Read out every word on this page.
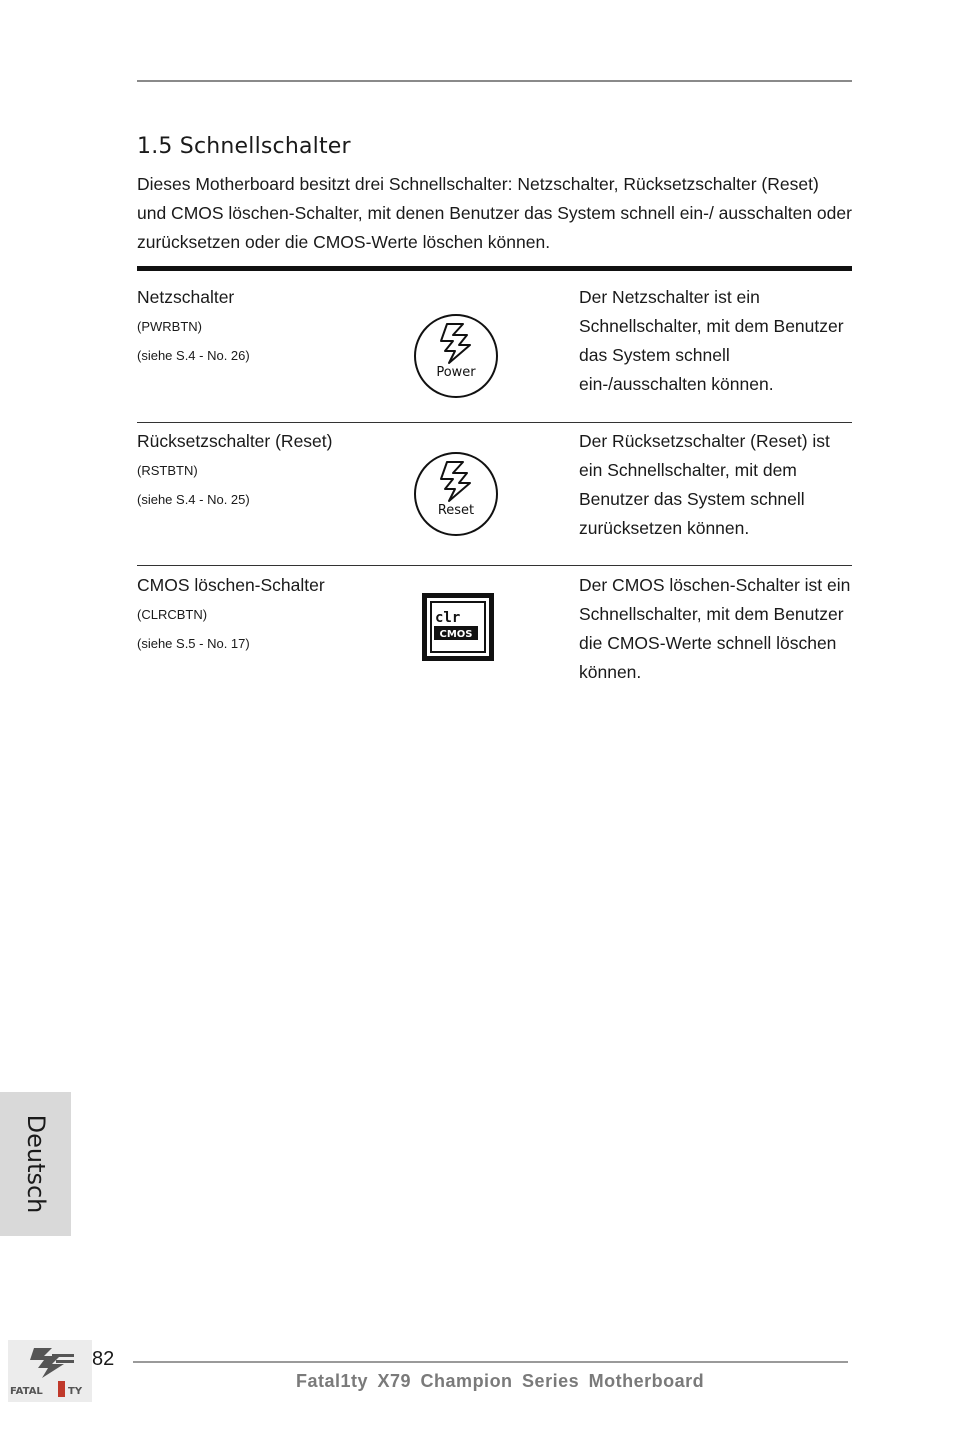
1.5 Schnellschalter
Dieses Motherboard besitzt drei Schnellschalter: Netzschalter, Rücksetzschalter (Reset) und CMOS löschen-Schalter, mit denen Benutzer das System schnell ein-/ ausschalten oder zurücksetzen oder die CMOS-Werte löschen können.
Netzschalter
(PWRBTN)
(siehe S.4 - No. 26)
Power
Der Netzschalter ist ein Schnellschalter, mit dem Benutzer das System schnell ein-/ausschalten können.
Rücksetzschalter (Reset)
(RSTBTN)
(siehe S.4 - No. 25)
Reset
Der Rücksetzschalter (Reset) ist ein Schnellschalter, mit dem Benutzer das System schnell zurücksetzen können.
CMOS löschen-Schalter
(CLRCBTN)
(siehe S.5 - No. 17)
clr
CMOS
Der CMOS löschen-Schalter ist ein Schnellschalter, mit dem Benutzer die CMOS-Werte schnell löschen können.
Deutsch
FATAL	TY
82
Fatal1ty X79 Champion Series Motherboard
